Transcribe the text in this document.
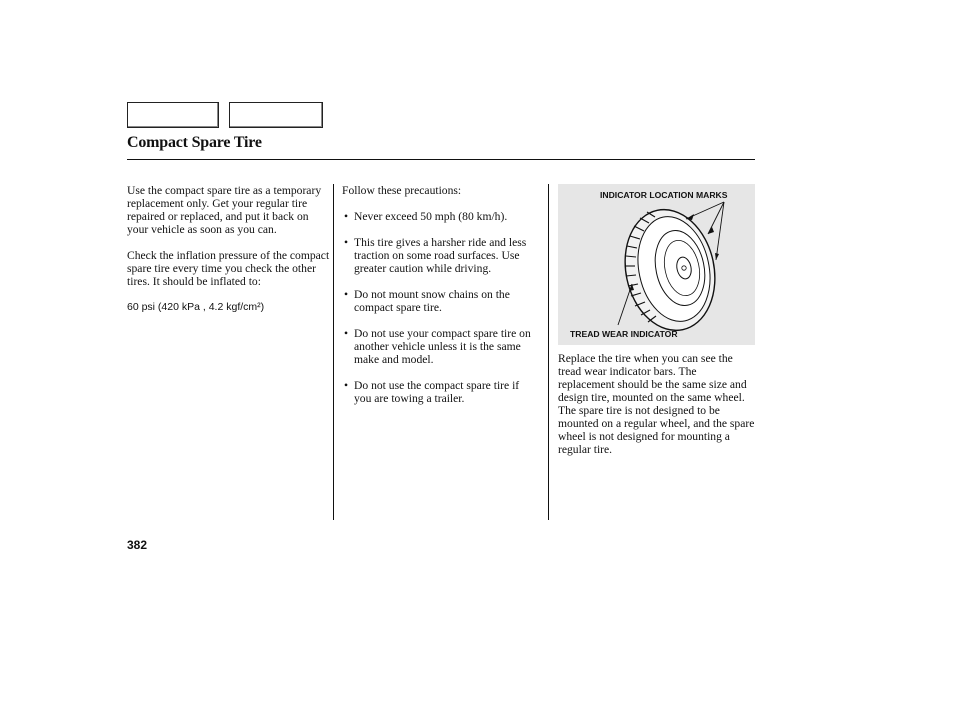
Compact Spare Tire

Use the compact spare tire as a temporary replacement only. Get your regular tire repaired or replaced, and put it back on your vehicle as soon as you can.

Check the inflation pressure of the compact spare tire every time you check the other tires. It should be inflated to:

60 psi (420 kPa , 4.2 kgf/cm²)

Follow these precautions:

• Never exceed 50 mph (80 km/h).
• This tire gives a harsher ride and less traction on some road surfaces. Use greater caution while driving.
• Do not mount snow chains on the compact spare tire.
• Do not use your compact spare tire on another vehicle unless it is the same make and model.
• Do not use the compact spare tire if you are towing a trailer.
INDICATOR LOCATION MARKS
TREAD WEAR INDICATOR

Replace the tire when you can see the tread wear indicator bars. The replacement should be the same size and design tire, mounted on the same wheel. The spare tire is not designed to be mounted on a regular wheel, and the spare wheel is not designed for mounting a regular tire.

382
